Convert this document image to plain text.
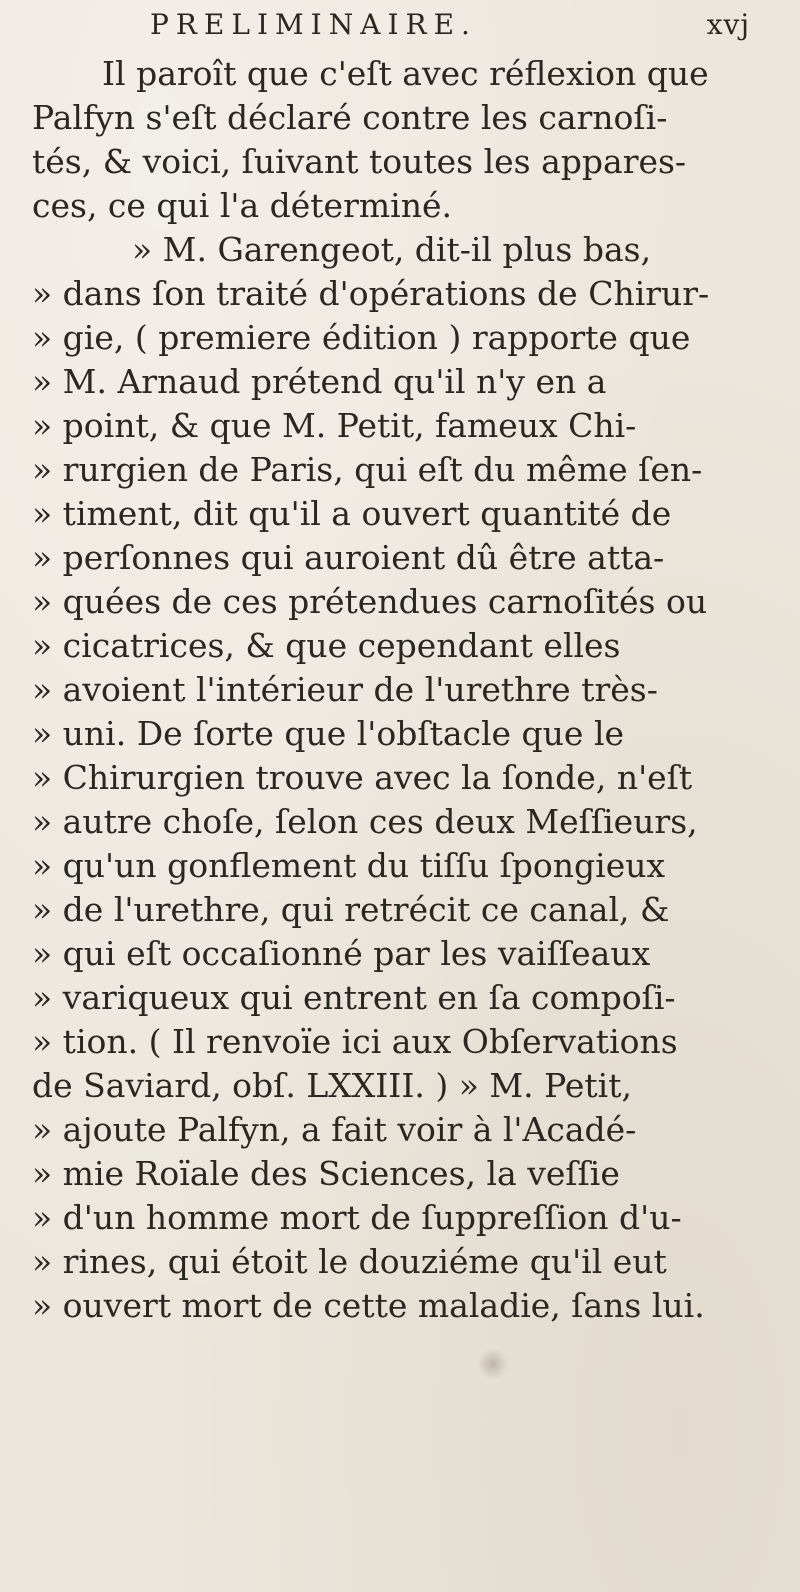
PRELIMINAIRE.	xvj
Il paroît que c'eſt avec réflexion que
Palfyn s'eſt déclaré contre les carnoſi-
tés, & voici, ſuivant toutes les appares-
ces, ce qui l'a déterminé.
» M. Garengeot, dit-il plus bas,
» dans ſon traité d'opérations de Chirur-
» gie, ( premiere édition ) rapporte que
» M. Arnaud prétend qu'il n'y en a
» point, & que M. Petit, fameux Chi-
» rurgien de Paris, qui eſt du même ſen-
» timent, dit qu'il a ouvert quantité de
» perſonnes qui auroient dû être atta-
» quées de ces prétendues carnoſités ou
» cicatrices, & que cependant elles
» avoient l'intérieur de l'urethre très-
» uni. De ſorte que l'obſtacle que le
» Chirurgien trouve avec la ſonde, n'eſt
» autre choſe, ſelon ces deux Meſſieurs,
» qu'un gonflement du tiſſu ſpongieux
» de l'urethre, qui retrécit ce canal, &
» qui eſt occaſionné par les vaiſſeaux
» variqueux qui entrent en ſa compoſi-
» tion. ( Il renvoïe ici aux Obſervations
de Saviard, obſ. LXXIII. ) » M. Petit,
» ajoute Palfyn, a fait voir à l'Acadé-
» mie Roïale des Sciences, la veſſie
» d'un homme mort de ſuppreſſion d'u-
» rines, qui étoit le douziéme qu'il eut
» ouvert mort de cette maladie, ſans lui.
